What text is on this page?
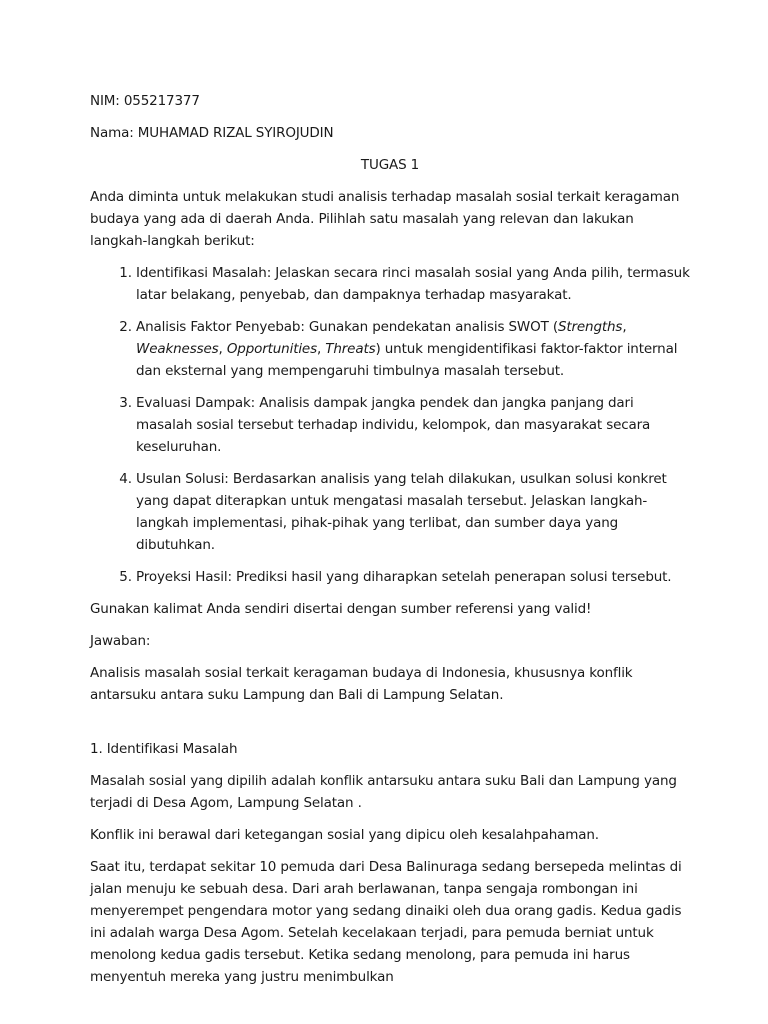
NIM: 055217377

Nama: MUHAMAD RIZAL SYIROJUDIN

TUGAS 1

Anda diminta untuk melakukan studi analisis terhadap masalah sosial terkait keragaman budaya yang ada di daerah Anda. Pilihlah satu masalah yang relevan dan lakukan langkah-langkah berikut:

1. Identifikasi Masalah: Jelaskan secara rinci masalah sosial yang Anda pilih, termasuk latar belakang, penyebab, dan dampaknya terhadap masyarakat.
2. Analisis Faktor Penyebab: Gunakan pendekatan analisis SWOT (Strengths, Weaknesses, Opportunities, Threats) untuk mengidentifikasi faktor-faktor internal dan eksternal yang mempengaruhi timbulnya masalah tersebut.
3. Evaluasi Dampak: Analisis dampak jangka pendek dan jangka panjang dari masalah sosial tersebut terhadap individu, kelompok, dan masyarakat secara keseluruhan.
4. Usulan Solusi: Berdasarkan analisis yang telah dilakukan, usulkan solusi konkret yang dapat diterapkan untuk mengatasi masalah tersebut. Jelaskan langkah-langkah implementasi, pihak-pihak yang terlibat, dan sumber daya yang dibutuhkan.
5. Proyeksi Hasil: Prediksi hasil yang diharapkan setelah penerapan solusi tersebut.

Gunakan kalimat Anda sendiri disertai dengan sumber referensi yang valid!

Jawaban:

Analisis masalah sosial terkait keragaman budaya di Indonesia, khususnya konflik antarsuku antara suku Lampung dan Bali di Lampung Selatan.

1. Identifikasi Masalah

Masalah sosial yang dipilih adalah konflik antarsuku antara suku Bali dan Lampung yang terjadi di Desa Agom, Lampung Selatan .

Konflik ini berawal dari ketegangan sosial yang dipicu oleh kesalahpahaman.

Saat itu, terdapat sekitar 10 pemuda dari Desa Balinuraga sedang bersepeda melintas di jalan menuju ke sebuah desa. Dari arah berlawanan, tanpa sengaja rombongan ini menyerempet pengendara motor yang sedang dinaiki oleh dua orang gadis. Kedua gadis ini adalah warga Desa Agom. Setelah kecelakaan terjadi, para pemuda berniat untuk menolong kedua gadis tersebut. Ketika sedang menolong, para pemuda ini harus menyentuh mereka yang justru menimbulkan
